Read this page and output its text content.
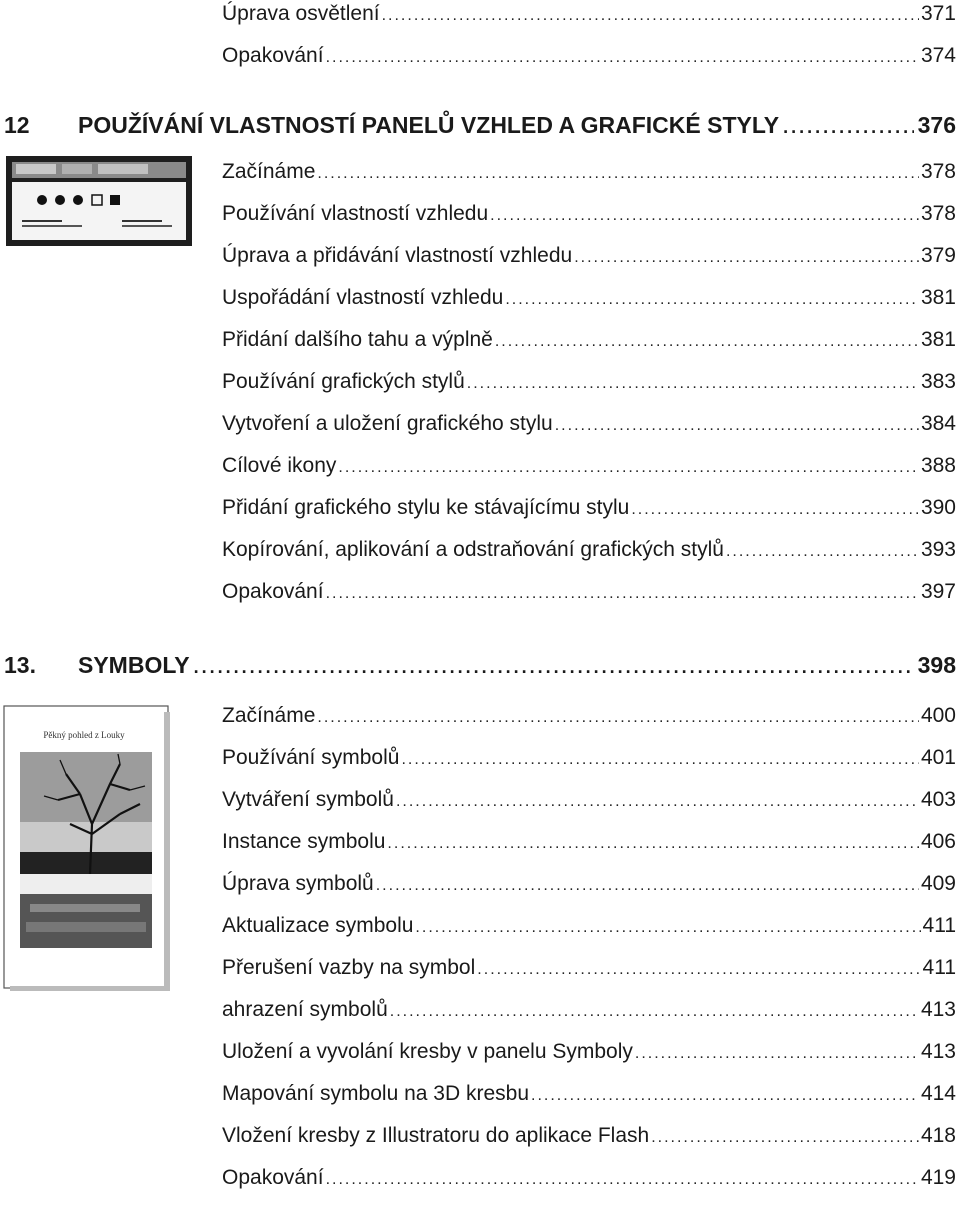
Úprava osvětlení .....	371
Opakování .....	374
12	POUŽÍVÁNÍ VLASTNOSTÍ PANELŮ VZHLED A GRAFICKÉ STYLY .....	376
Začínáme .....	378
Používání vlastností vzhledu .....	378
Úprava a přidávání vlastností vzhledu .....	379
Uspořádání vlastností vzhledu .....	381
Přidání dalšího tahu a výplně .....	381
Používání grafických stylů .....	383
Vytvoření a uložení grafického stylu .....	384
Cílové ikony .....	388
Přidání grafického stylu ke stávajícímu stylu .....	390
Kopírování, aplikování a odstraňování grafických stylů .....	393
Opakování .....	397
13.	SYMBOLY .....	398
Pěkný pohled z Louky
Začínáme .....	400
Používání symbolů .....	401
Vytváření symbolů .....	403
Instance symbolu .....	406
Úprava symbolů .....	409
Aktualizace symbolu .....	411
Přerušení vazby na symbol .....	411
ahrazení symbolů .....	413
Uložení a vyvolání kresby v panelu Symboly .....	413
Mapování symbolu na 3D kresbu .....	414
Vložení kresby z Illustratoru do aplikace Flash .....	418
Opakování .....	419
